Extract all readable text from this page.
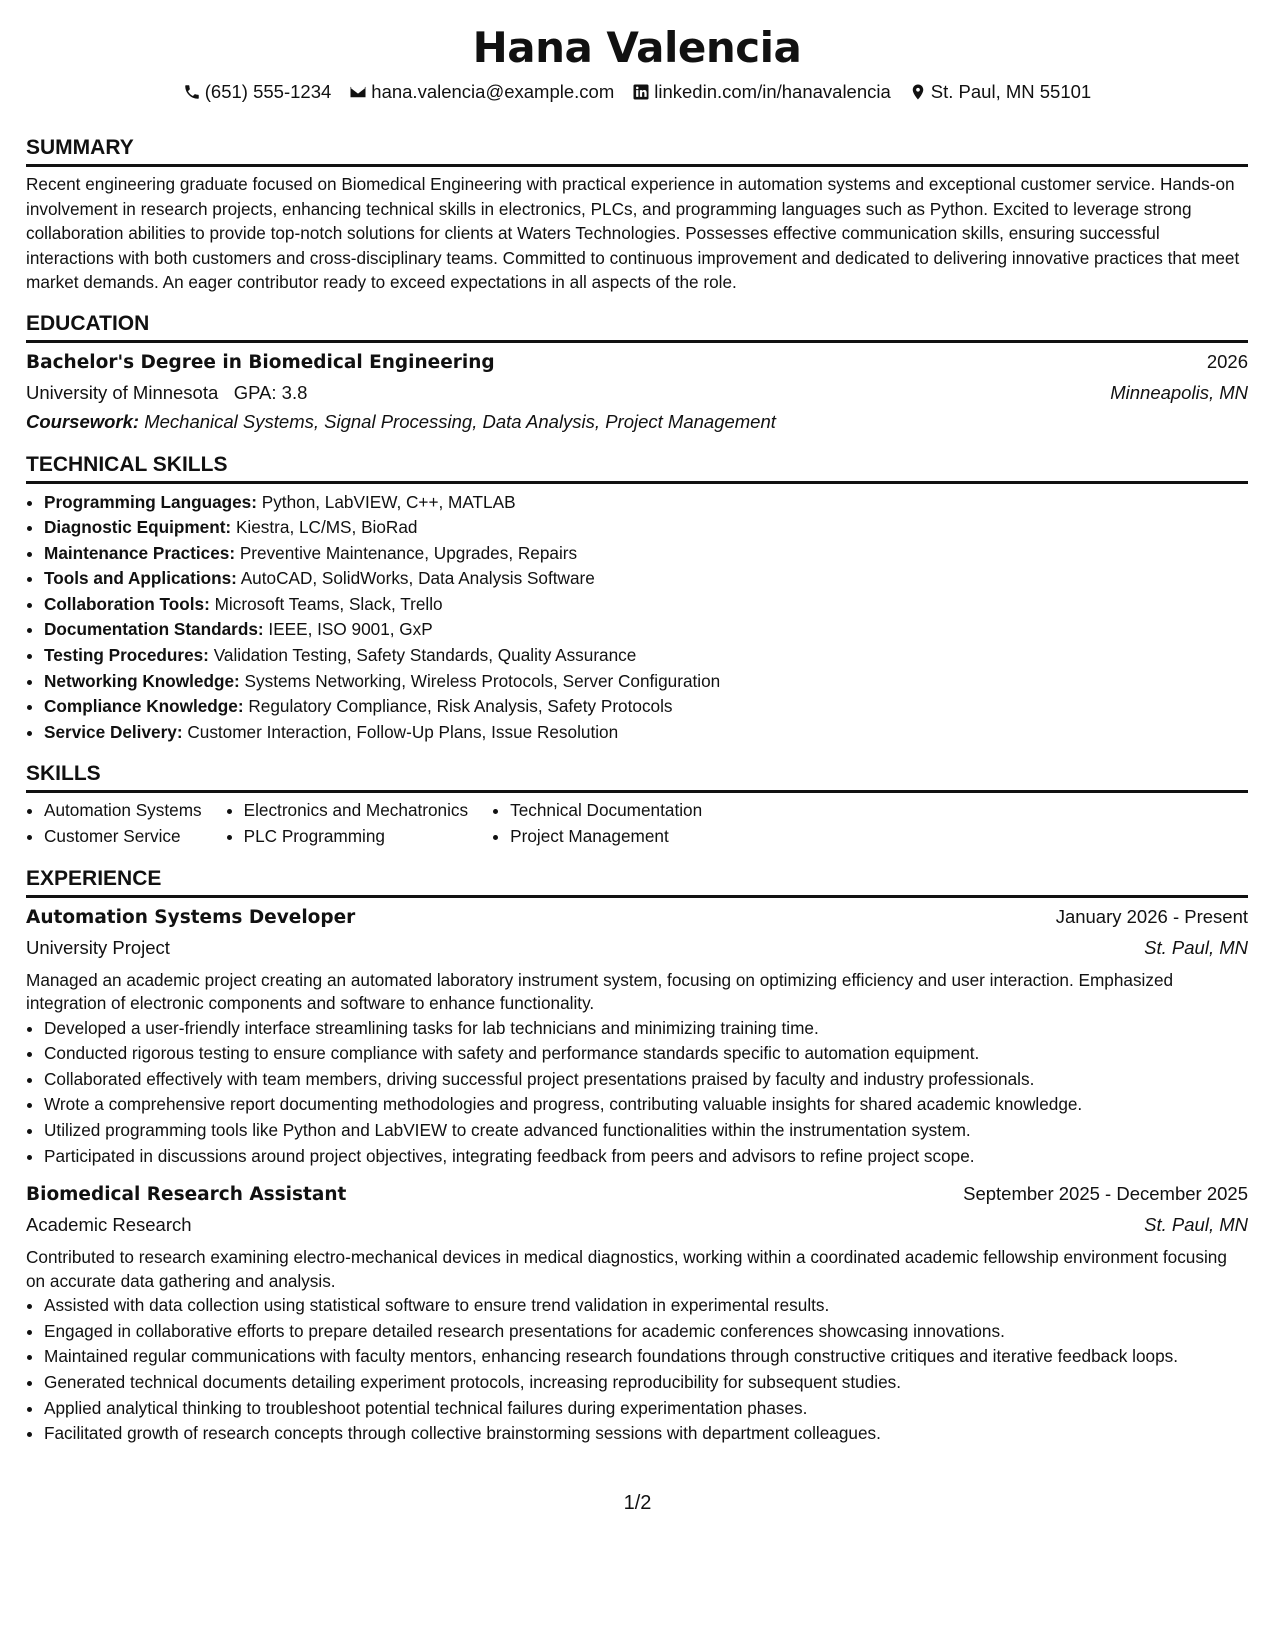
Hana Valencia
(651) 555-1234 hana.valencia@example.com linkedin.com/in/hanavalencia St. Paul, MN 55101
SUMMARY

Recent engineering graduate focused on Biomedical Engineering with practical experience in automation systems and exceptional customer service. Hands-on involvement in research projects, enhancing technical skills in electronics, PLCs, and programming languages such as Python. Excited to leverage strong collaboration abilities to provide top-notch solutions for clients at Waters Technologies. Possesses effective communication skills, ensuring successful interactions with both customers and cross-disciplinary teams. Committed to continuous improvement and dedicated to delivering innovative practices that meet market demands. An eager contributor ready to exceed expectations in all aspects of the role.

EDUCATION
Bachelor's Degree in Biomedical Engineering	2026
University of Minnesota GPA: 3.8	Minneapolis, MN
Coursework: Mechanical Systems, Signal Processing, Data Analysis, Project Management
TECHNICAL SKILLS
• Programming Languages: Python, LabVIEW, C++, MATLAB
• Diagnostic Equipment: Kiestra, LC/MS, BioRad
• Maintenance Practices: Preventive Maintenance, Upgrades, Repairs
• Tools and Applications: AutoCAD, SolidWorks, Data Analysis Software
• Collaboration Tools: Microsoft Teams, Slack, Trello
• Documentation Standards: IEEE, ISO 9001, GxP
• Testing Procedures: Validation Testing, Safety Standards, Quality Assurance
• Networking Knowledge: Systems Networking, Wireless Protocols, Server Configuration
• Compliance Knowledge: Regulatory Compliance, Risk Analysis, Safety Protocols
• Service Delivery: Customer Interaction, Follow-Up Plans, Issue Resolution
SKILLS
• Automation Systems
• Customer Service
• Electronics and Mechatronics
• PLC Programming
• Technical Documentation
• Project Management
EXPERIENCE
Automation Systems Developer	January 2026 - Present
University Project	St. Paul, MN

Managed an academic project creating an automated laboratory instrument system, focusing on optimizing efficiency and user interaction. Emphasized integration of electronic components and software to enhance functionality.

• Developed a user-friendly interface streamlining tasks for lab technicians and minimizing training time.
• Conducted rigorous testing to ensure compliance with safety and performance standards specific to automation equipment.
• Collaborated effectively with team members, driving successful project presentations praised by faculty and industry professionals.
• Wrote a comprehensive report documenting methodologies and progress, contributing valuable insights for shared academic knowledge.
• Utilized programming tools like Python and LabVIEW to create advanced functionalities within the instrumentation system.
• Participated in discussions around project objectives, integrating feedback from peers and advisors to refine project scope.
Biomedical Research Assistant	September 2025 - December 2025
Academic Research	St. Paul, MN

Contributed to research examining electro-mechanical devices in medical diagnostics, working within a coordinated academic fellowship environment focusing on accurate data gathering and analysis.

• Assisted with data collection using statistical software to ensure trend validation in experimental results.
• Engaged in collaborative efforts to prepare detailed research presentations for academic conferences showcasing innovations.
• Maintained regular communications with faculty mentors, enhancing research foundations through constructive critiques and iterative feedback loops.
• Generated technical documents detailing experiment protocols, increasing reproducibility for subsequent studies.
• Applied analytical thinking to troubleshoot potential technical failures during experimentation phases.
• Facilitated growth of research concepts through collective brainstorming sessions with department colleagues.
1/2
